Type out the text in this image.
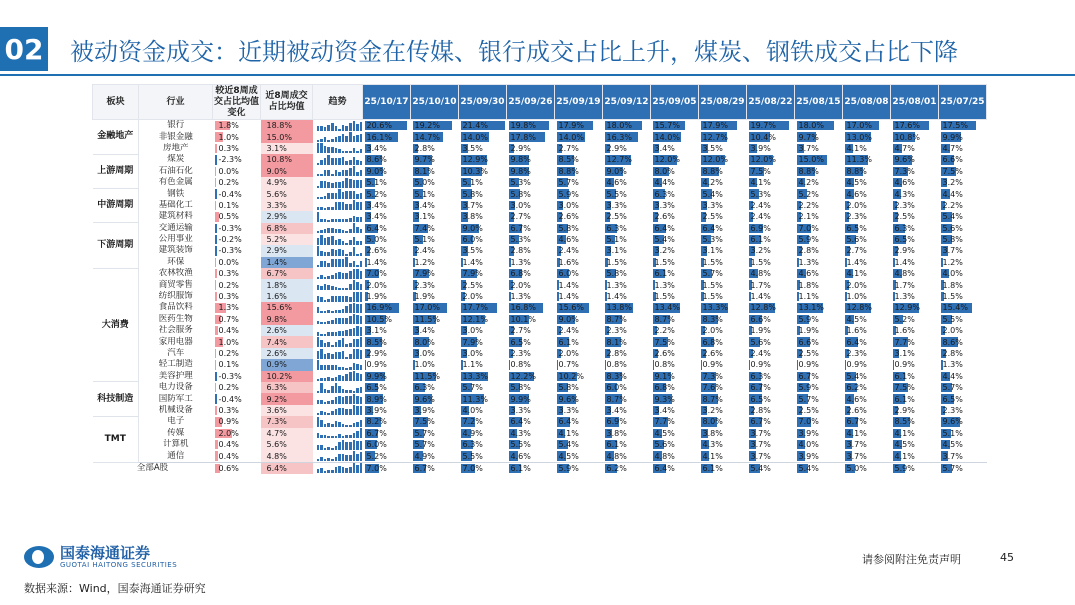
02 被动资金成交：近期被动资金在传媒、银行成交占比上升，煤炭、钢铁成交占比下降
板块	行业	较近8周成交占比均值变化	近8周成交占比均值	趋势	25/10/17	25/10/10	25/09/30	25/09/26	25/09/19	25/09/12	25/09/05	25/08/29	25/08/22	25/08/15	25/08/08	25/08/01	25/07/25
金融地产	银行	1.8%	18.8%		20.6%	19.2%	21.4%	19.8%	17.9%	18.0%	15.7%	17.9%	19.7%	18.0%	17.0%	17.6%	17.5%
	非银金融	1.0%	15.0%		16.1%	14.7%	14.0%	17.8%	14.0%	16.3%	14.0%	12.7%	10.4%	9.7%	13.0%	10.8%	9.9%
	房地产	0.3%	3.1%		3.4%	2.8%	3.5%	2.9%	2.7%	2.9%	3.4%	3.5%	3.9%	3.7%	4.1%	4.7%	4.7%
上游周期	煤炭	-2.3%	10.8%		8.6%	9.7%	12.9%	9.8%	8.5%	12.7%	12.0%	12.0%	12.0%	15.0%	11.3%	9.6%	6.6%
	石油石化	0.0%	9.0%		9.0%	8.1%	10.3%	9.8%	8.8%	9.0%	8.0%	8.8%	7.5%	8.8%	8.8%	7.3%	7.5%
	有色金属	0.2%	4.9%		5.1%	5.0%	5.1%	5.3%	5.7%	4.6%	4.4%	4.2%	4.1%	4.2%	4.5%	4.6%	3.2%
中游周期	钢铁	-0.4%	5.6%		5.2%	5.1%	5.8%	5.8%	5.9%	5.5%	6.3%	5.4%	5.3%	5.2%	4.6%	4.3%	4.4%
	基础化工	0.1%	3.3%		3.4%	3.4%	3.7%	3.0%	3.0%	3.3%	3.3%	3.3%	2.4%	2.2%	2.0%	2.3%	2.2%
	建筑材料	0.5%	2.9%		3.4%	3.1%	3.8%	2.7%	2.6%	2.5%	2.6%	2.5%	2.4%	2.1%	2.3%	2.5%	5.4%
下游周期	交通运输	-0.3%	6.8%		6.4%	7.4%	9.0%	6.7%	5.8%	6.3%	6.4%	6.4%	6.9%	7.0%	6.5%	6.3%	5.6%
	公用事业	-0.2%	5.2%		5.0%	5.1%	6.0%	5.3%	4.6%	5.1%	5.4%	5.3%	6.1%	5.9%	5.6%	6.5%	5.8%
	建筑装饰	-0.3%	2.9%		2.6%	2.4%	3.5%	2.8%	2.4%	3.1%	3.2%	3.1%	3.2%	2.8%	2.7%	2.9%	3.7%
	环保	0.0%	1.4%		1.4%	1.2%	1.4%	1.3%	1.6%	1.5%	1.5%	1.5%	1.5%	1.3%	1.4%	1.4%	1.2%
大消费	农林牧渔	0.3%	6.7%		7.0%	7.9%	7.9%	6.8%	6.0%	5.8%	6.1%	5.7%	4.8%	4.6%	4.1%	4.8%	4.0%
	商贸零售	0.2%	1.8%		2.0%	2.3%	2.5%	2.0%	1.4%	1.3%	1.3%	1.5%	1.7%	1.8%	2.0%	1.7%	1.8%
	纺织服饰	0.3%	1.6%		1.9%	1.9%	2.0%	1.3%	1.4%	1.4%	1.5%	1.5%	1.4%	1.1%	1.0%	1.3%	1.5%
	食品饮料	1.3%	15.6%		16.9%	17.0%	17.7%	16.8%	15.6%	13.8%	13.4%	13.3%	12.8%	13.1%	12.8%	12.9%	15.4%
	医药生物	0.7%	9.8%		10.5%	11.5%	12.1%	10.1%	9.0%	8.7%	8.7%	8.3%	6.6%	5.9%	4.5%	5.2%	5.5%
	社会服务	0.4%	2.6%		3.1%	3.4%	3.0%	2.7%	2.4%	2.3%	2.2%	2.0%	1.9%	1.9%	1.6%	1.6%	2.0%
	家用电器	1.0%	7.4%		8.5%	8.0%	7.9%	6.5%	6.1%	8.1%	7.5%	6.8%	5.6%	6.6%	6.4%	7.7%	8.6%
	汽车	0.2%	2.6%		2.9%	3.0%	3.0%	2.3%	2.0%	2.8%	2.6%	2.6%	2.4%	2.5%	2.3%	3.1%	2.8%
	轻工制造	0.1%	0.9%		0.9%	1.0%	1.1%	0.8%	0.7%	0.8%	0.8%	0.9%	0.9%	0.9%	0.9%	0.9%	1.3%
	美容护理	-0.3%	10.2%		9.9%	11.5%	13.3%	12.2%	10.2%	8.3%	9.1%	7.3%	6.3%	6.7%	5.4%	6.1%	4.4%
科技制造	电力设备	0.2%	6.3%		6.5%	6.3%	5.7%	5.8%	5.8%	6.0%	6.8%	7.6%	6.7%	5.9%	6.2%	7.5%	5.7%
	国防军工	-0.4%	9.2%		8.9%	9.6%	11.3%	9.9%	9.6%	8.7%	9.3%	8.7%	6.5%	5.7%	4.6%	6.1%	6.5%
	机械设备	0.3%	3.6%		3.9%	3.9%	4.0%	3.3%	3.3%	3.4%	3.4%	3.2%	2.8%	2.5%	2.6%	2.9%	2.3%
TMT	电子	0.9%	7.3%		8.2%	7.5%	7.2%	6.4%	6.4%	6.9%	7.7%	8.0%	6.7%	7.0%	6.7%	8.5%	9.6%
	传媒	2.0%	4.7%		6.7%	5.7%	4.9%	4.3%	4.1%	3.8%	4.5%	3.8%	3.7%	3.9%	4.1%	4.1%	5.1%
	计算机	0.4%	5.6%		6.0%	5.7%	6.3%	5.5%	5.4%	6.1%	5.6%	4.3%	3.7%	4.0%	3.7%	4.5%	4.5%
	通信	0.4%	4.8%		5.2%	4.9%	5.5%	4.6%	4.5%	4.8%	4.8%	4.1%	3.7%	3.9%	3.7%	4.1%	3.7%
全部A股		0.6%	6.4%		7.0%	6.7%	7.0%	6.1%	5.9%	6.2%	6.4%	6.1%	5.4%	5.4%	5.0%	5.9%	5.7%
国泰海通证券
GUOTAI HAITONG SECURITIES
数据来源：Wind，国泰海通证券研究
请参阅附注免责声明	45
